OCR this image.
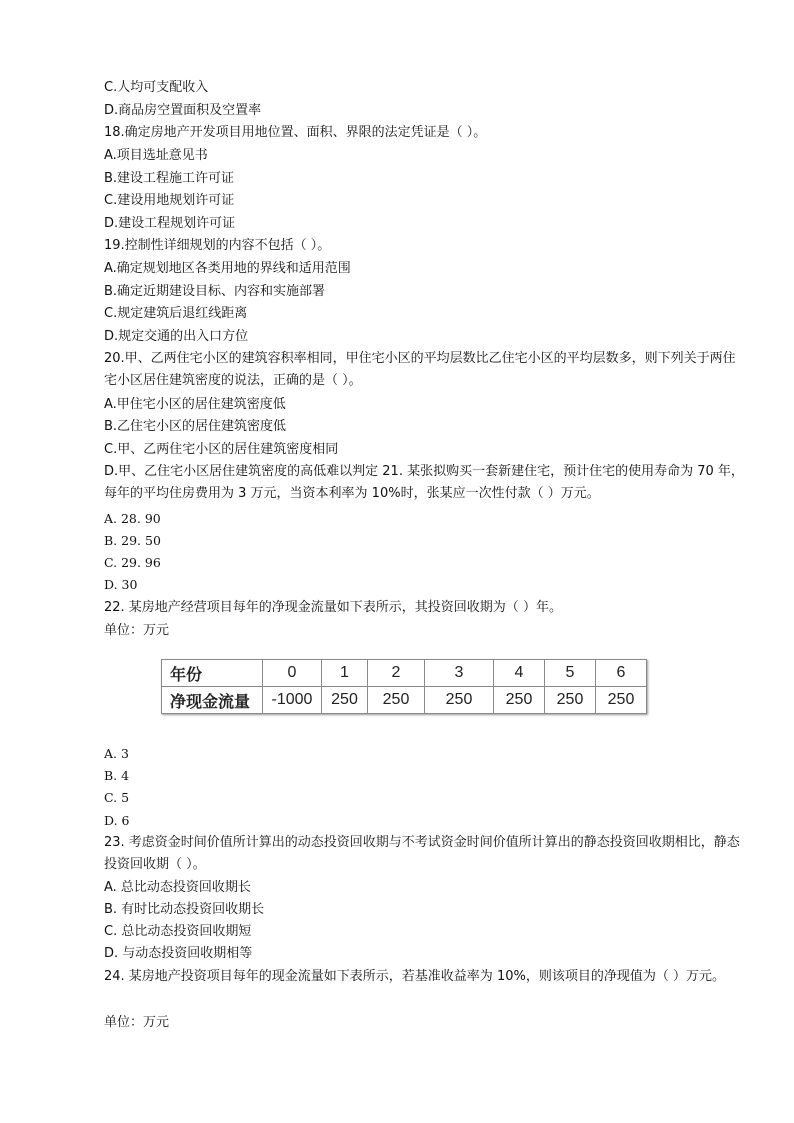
C.人均可支配收入
D.商品房空置面积及空置率
18.确定房地产开发项目用地位置、面积、界限的法定凭证是（ ）。
A.项目选址意见书
B.建设工程施工许可证
C.建设用地规划许可证
D.建设工程规划许可证
19.控制性详细规划的内容不包括（ ）。
A.确定规划地区各类用地的界线和适用范围
B.确定近期建设目标、内容和实施部署
C.规定建筑后退红线距离
D.规定交通的出入口方位
20.甲、乙两住宅小区的建筑容积率相同，甲住宅小区的平均层数比乙住宅小区的平均层数多，则下列关于两住宅小区居住建筑密度的说法，正确的是（ ）。
A.甲住宅小区的居住建筑密度低
B.乙住宅小区的居住建筑密度低
C.甲、乙两住宅小区的居住建筑密度相同
D.甲、乙住宅小区居住建筑密度的高低难以判定 21. 某张拟购买一套新建住宅，预计住宅的使用寿命为 70 年，每年的平均住房费用为 3 万元，当资本利率为 10%时，张某应一次性付款（ ）万元。
A. 28. 90
B. 29. 50
C. 29. 96
D. 30
22. 某房地产经营项目每年的净现金流量如下表所示，其投资回收期为（ ）年。
单位：万元
年份	0	1	2	3	4	5	6
净现金流量	-1000	250	250	250	250	250	250
A. 3
B. 4
C. 5
D. 6
23. 考虑资金时间价值所计算出的动态投资回收期与不考试资金时间价值所计算出的静态投资回收期相比，静态投资回收期（ ）。
A. 总比动态投资回收期长
B. 有时比动态投资回收期长
C. 总比动态投资回收期短
D. 与动态投资回收期相等
24. 某房地产投资项目每年的现金流量如下表所示，若基准收益率为 10%，则该项目的净现值为（ ）万元。
单位：万元
